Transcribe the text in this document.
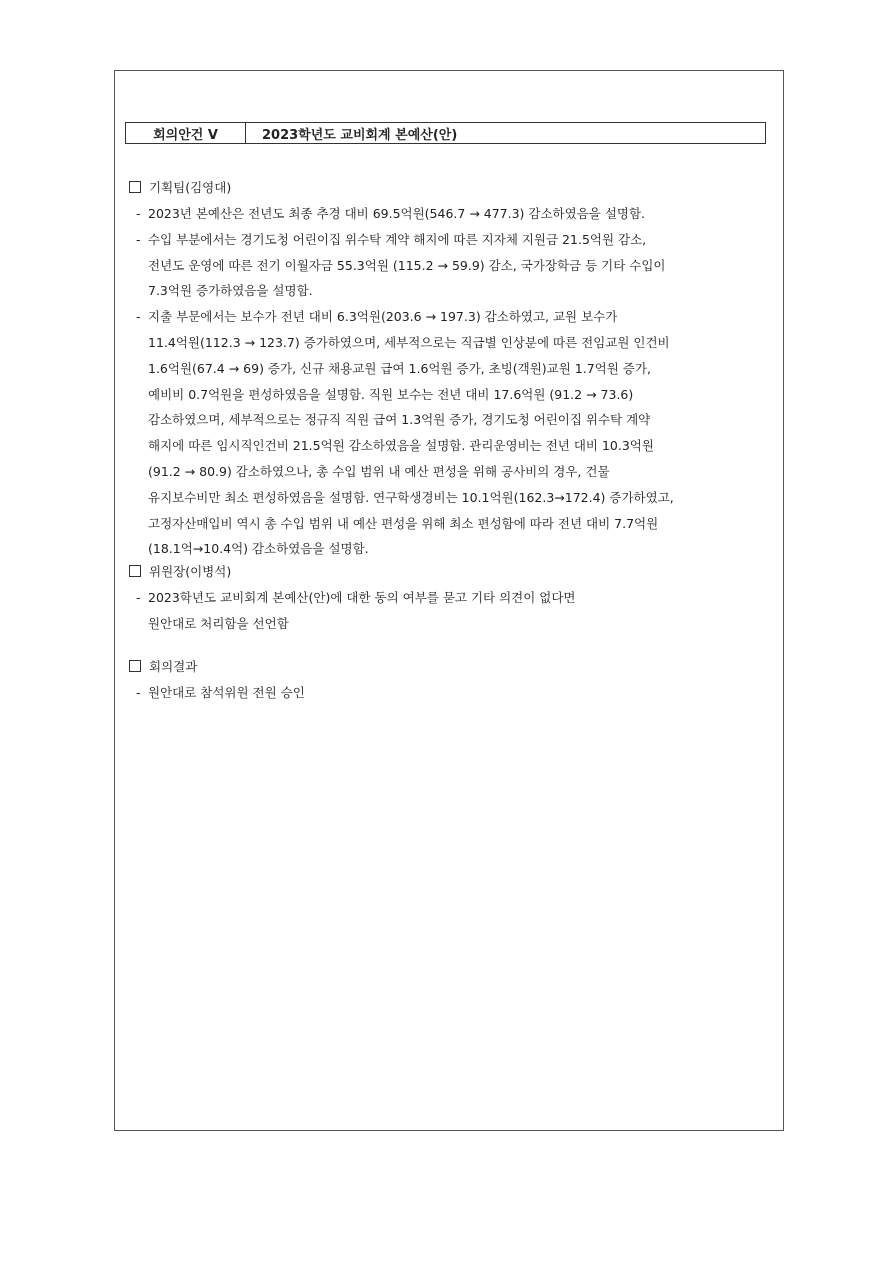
회의안건 Ⅴ	2023학년도 교비회계 본예산(안)
기획팀(김영대)
- 2023년 본예산은 전년도 최종 추경 대비 69.5억원(546.7 → 477.3) 감소하였음을 설명함.
- 수입 부분에서는 경기도청 어린이집 위수탁 계약 해지에 따른 지자체 지원금 21.5억원 감소,
전년도 운영에 따른 전기 이월자금 55.3억원 (115.2 → 59.9) 감소, 국가장학금 등 기타 수입이
7.3억원 증가하였음을 설명함.
- 지출 부문에서는 보수가 전년 대비 6.3억원(203.6 → 197.3) 감소하였고, 교원 보수가
11.4억원(112.3 → 123.7) 증가하였으며, 세부적으로는 직급별 인상분에 따른 전임교원 인건비
1.6억원(67.4 → 69) 증가, 신규 채용교원 급여 1.6억원 증가, 초빙(객원)교원 1.7억원 증가,
예비비 0.7억원을 편성하였음을 설명함. 직원 보수는 전년 대비 17.6억원 (91.2 → 73.6)
감소하였으며, 세부적으로는 정규직 직원 급여 1.3억원 증가, 경기도청 어린이집 위수탁 계약
해지에 따른 임시직인건비 21.5억원 감소하였음을 설명함. 관리운영비는 전년 대비 10.3억원
(91.2 → 80.9) 감소하였으나, 총 수입 범위 내 예산 편성을 위해 공사비의 경우, 건물
유지보수비만 최소 편성하였음을 설명함. 연구학생경비는 10.1억원(162.3→172.4) 증가하였고,
고정자산매입비 역시 총 수입 범위 내 예산 편성을 위해 최소 편성함에 따라 전년 대비 7.7억원
(18.1억→10.4억) 감소하였음을 설명함.
위원장(이병석)
- 2023학년도 교비회계 본예산(안)에 대한 동의 여부를 묻고 기타 의견이 없다면
원안대로 처리함을 선언함
회의결과
- 원안대로 참석위원 전원 승인
